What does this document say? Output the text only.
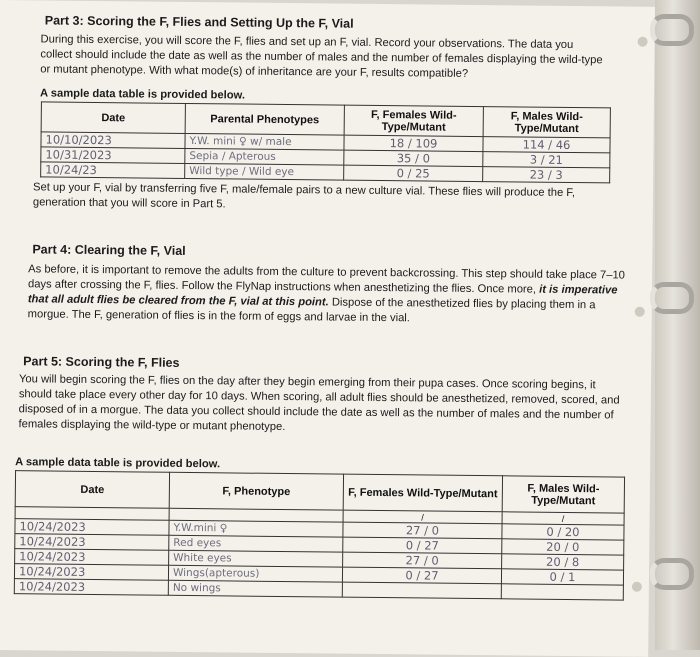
Part 3: Scoring the F, Flies and Setting Up the F, Vial
During this exercise, you will score the F, flies and set up an F, vial. Record your observations. The data you collect should include the date as well as the number of males and the number of females displaying the wild-type or mutant phenotype. With what mode(s) of inheritance are your F, results compatible?
A sample data table is provided below.
Date	Parental Phenotypes	F, Females Wild-Type/Mutant	F, Males Wild-Type/Mutant
10/10/2023	Y.W. mini ♀ w/ male	18 / 109	114 / 46
10/31/2023	Sepia / Apterous	35 / 0	3 / 21
10/24/23	Wild type / Wild eye	0 / 25	23 / 3
Set up your F, vial by transferring five F, male/female pairs to a new culture vial. These flies will produce the F, generation that you will score in Part 5.
Part 4: Clearing the F, Vial
As before, it is important to remove the adults from the culture to prevent backcrossing. This step should take place 7–10 days after crossing the F, flies. Follow the FlyNap instructions when anesthetizing the flies. Once more, it is imperative that all adult flies be cleared from the F, vial at this point. Dispose of the anesthetized flies by placing them in a morgue. The F, generation of flies is in the form of eggs and larvae in the vial.
Part 5: Scoring the F, Flies
You will begin scoring the F, flies on the day after they begin emerging from their pupa cases. Once scoring begins, it should take place every other day for 10 days. When scoring, all adult flies should be anesthetized, removed, scored, and disposed of in a morgue. The data you collect should include the date as well as the number of males and the number of females displaying the wild-type or mutant phenotype.
A sample data table is provided below.
Date	F, Phenotype	F, Females Wild-Type/Mutant	F, Males Wild-Type/Mutant
		/	/
10/24/2023	Y.W.mini ♀	27 / 0	0 / 20
10/24/2023	Red eyes	0 / 27	20 / 0
10/24/2023	White eyes	27 / 0	20 / 8
10/24/2023	Wings(apterous)	0 / 27	0 / 1
10/24/2023	No wings		
